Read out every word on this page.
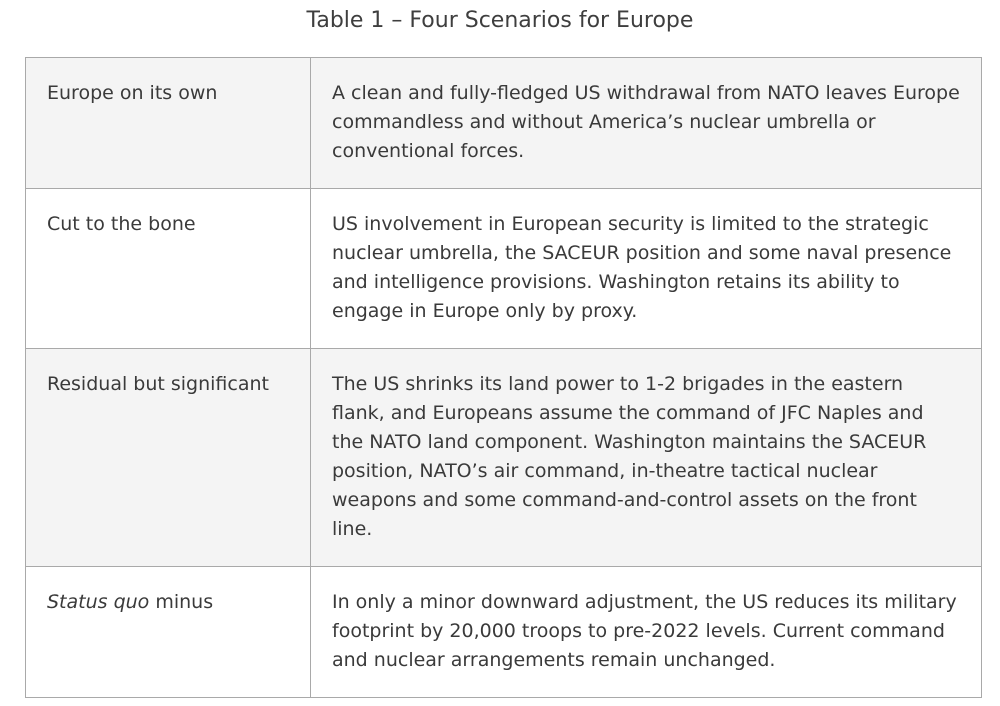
Table 1 – Four Scenarios for Europe
Europe on its own	A clean and fully-fledged US withdrawal from NATO leaves Europe commandless and without America’s nuclear umbrella or conventional forces.
Cut to the bone	US involvement in European security is limited to the strategic nuclear umbrella, the SACEUR position and some naval presence and intelligence provisions. Washington retains its ability to engage in Europe only by proxy.
Residual but significant	The US shrinks its land power to 1-2 brigades in the eastern flank, and Europeans assume the command of JFC Naples and the NATO land component. Washington maintains the SACEUR position, NATO’s air command, in-theatre tactical nuclear weapons and some command-and-control assets on the front line.
Status quo minus	In only a minor downward adjustment, the US reduces its military footprint by 20,000 troops to pre-2022 levels. Current command and nuclear arrangements remain unchanged.
